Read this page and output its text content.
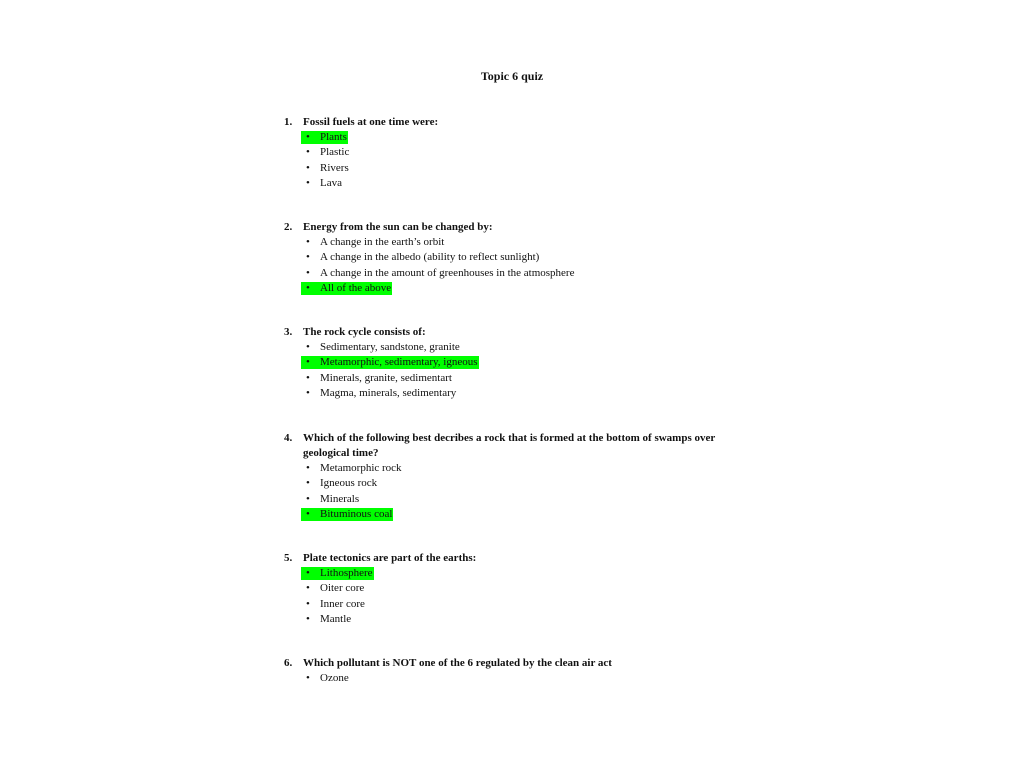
Topic 6 quiz
1. Fossil fuels at one time were:
• Plants
• Plastic
• Rivers
• Lava
2. Energy from the sun can be changed by:
• A change in the earth’s orbit
• A change in the albedo (ability to reflect sunlight)
• A change in the amount of greenhouses in the atmosphere
• All of the above
3. The rock cycle consists of:
• Sedimentary, sandstone, granite
• Metamorphic, sedimentary, igneous
• Minerals, granite, sedimentart
• Magma, minerals, sedimentary
4. Which of the following best decribes a rock that is formed at the bottom of swamps over geological time?
• Metamorphic rock
• Igneous rock
• Minerals
• Bituminous coal
5. Plate tectonics are part of the earths:
• Lithosphere
• Oiter core
• Inner core
• Mantle
6. Which pollutant is NOT one of the 6 regulated by the clean air act
• Ozone
